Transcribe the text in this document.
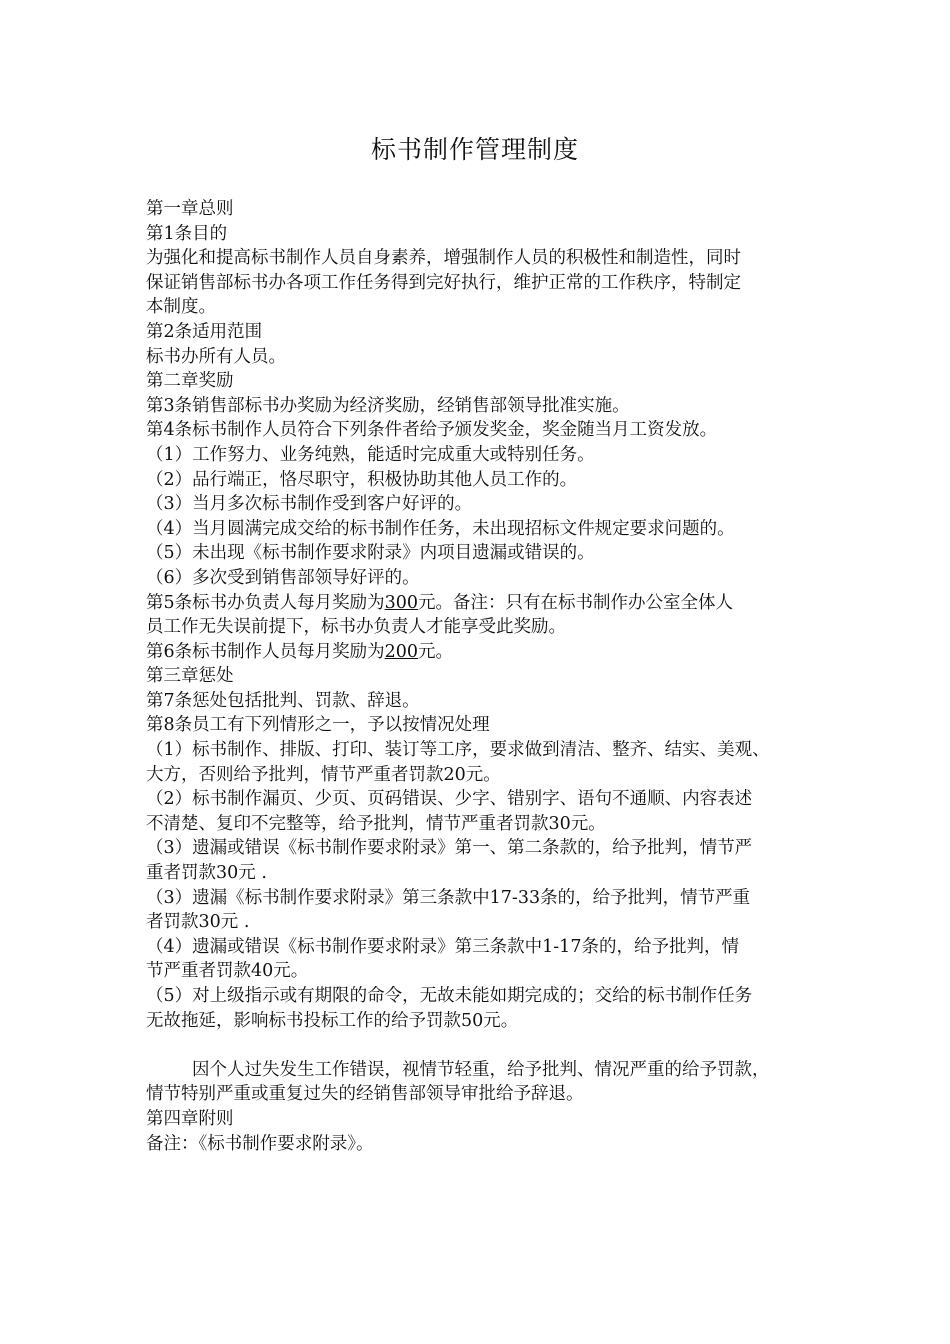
标书制作管理制度
第一章总则
第1条目的
为强化和提高标书制作人员自身素养，增强制作人员的积极性和制造性，同时
保证销售部标书办各项工作任务得到完好执行，维护正常的工作秩序，特制定
本制度。
第2条适用范围
标书办所有人员。
第二章奖励
第3条销售部标书办奖励为经济奖励，经销售部领导批准实施。
第4条标书制作人员符合下列条件者给予颁发奖金，奖金随当月工资发放。
（1）工作努力、业务纯熟，能适时完成重大或特别任务。
（2）品行端正，恪尽职守，积极协助其他人员工作的。
（3）当月多次标书制作受到客户好评的。
（4）当月圆满完成交给的标书制作任务，未出现招标文件规定要求问题的。
（5）未出现《标书制作要求附录》内项目遗漏或错误的。
（6）多次受到销售部领导好评的。
第5条标书办负责人每月奖励为300元。备注：只有在标书制作办公室全体人
员工作无失误前提下，标书办负责人才能享受此奖励。
第6条标书制作人员每月奖励为200元。
第三章惩处
第7条惩处包括批判、罚款、辞退。
第8条员工有下列情形之一，予以按情况处理
（1）标书制作、排版、打印、装订等工序，要求做到清洁、整齐、结实、美观、
大方，否则给予批判，情节严重者罚款20元。
（2）标书制作漏页、少页、页码错误、少字、错别字、语句不通顺、内容表述
不清楚、复印不完整等，给予批判，情节严重者罚款30元。
（3）遗漏或错误《标书制作要求附录》第一、第二条款的，给予批判，情节严
重者罚款30元 .
（3）遗漏《标书制作要求附录》第三条款中17-33条的，给予批判，情节严重
者罚款30元 .
（4）遗漏或错误《标书制作要求附录》第三条款中1-17条的，给予批判，情
节严重者罚款40元。
（5）对上级指示或有期限的命令，无故未能如期完成的；交给的标书制作任务
无故拖延，影响标书投标工作的给予罚款50元。
因个人过失发生工作错误，视情节轻重，给予批判、情况严重的给予罚款，
情节特别严重或重复过失的经销售部领导审批给予辞退。
第四章附则
备注：《标书制作要求附录》。
